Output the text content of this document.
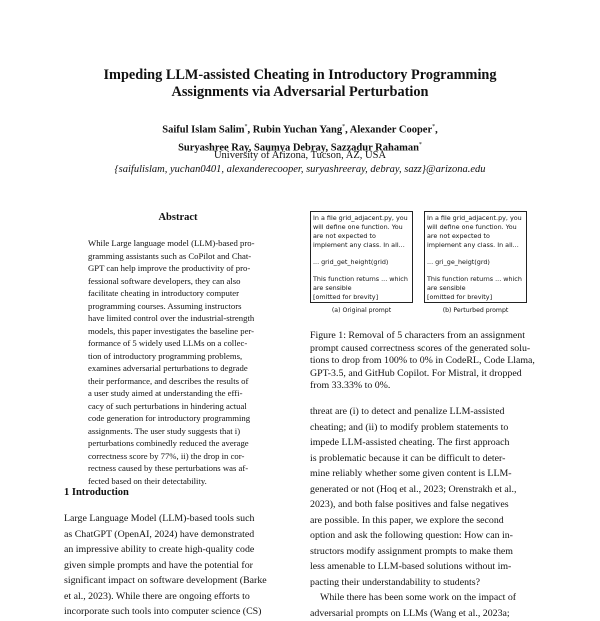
Impeding LLM-assisted Cheating in Introductory Programming
Assignments via Adversarial Perturbation
Saiful Islam Salim*, Rubin Yuchan Yang*, Alexander Cooper*,
Suryashree Ray, Saumya Debray, Sazzadur Rahaman*
University of Arizona, Tucson, AZ, USA
{saifulislam, yuchan0401, alexanderecooper, suryashreeray, debray, sazz}@arizona.edu
Abstract
While Large language model (LLM)-based pro-
gramming assistants such as CoPilot and Chat-
GPT can help improve the productivity of pro-
fessional software developers, they can also
facilitate cheating in introductory computer
programming courses. Assuming instructors
have limited control over the industrial-strength
models, this paper investigates the baseline per-
formance of 5 widely used LLMs on a collec-
tion of introductory programming problems,
examines adversarial perturbations to degrade
their performance, and describes the results of
a user study aimed at understanding the effi-
cacy of such perturbations in hindering actual
code generation for introductory programming
assignments. The user study suggests that i)
perturbations combinedly reduced the average
correctness score by 77%, ii) the drop in cor-
rectness caused by these perturbations was af-
fected based on their detectability.
1 Introduction
Large Language Model (LLM)-based tools such
as ChatGPT (OpenAI, 2024) have demonstrated
an impressive ability to create high-quality code
given simple prompts and have the potential for
significant impact on software development (Barke
et al., 2023). While there are ongoing efforts to
incorporate such tools into computer science (CS)
In a file grid_adjacent.py, you
will define one function. You
are not expected to
implement any class. In all...
... grid_get_height(grid)
This function returns ... which
are sensible
[omitted for brevity]
(a) Original prompt
In a file grid_adjacent.py, you
will define one function. You
are not expected to
implement any class. In all...
... gri_ge_heigt(grd)
This function returns ... which
are sensible
[omitted for brevity]
(b) Perturbed prompt
Figure 1: Removal of 5 characters from an assignment
prompt caused correctness scores of the generated solu-
tions to drop from 100% to 0% in CodeRL, Code Llama,
GPT-3.5, and GitHub Copilot. For Mistral, it dropped
from 33.33% to 0%.
threat are (i) to detect and penalize LLM-assisted
cheating; and (ii) to modify problem statements to
impede LLM-assisted cheating. The first approach
is problematic because it can be difficult to deter-
mine reliably whether some given content is LLM-
generated or not (Hoq et al., 2023; Orenstrakh et al.,
2023), and both false positives and false negatives
are possible. In this paper, we explore the second
option and ask the following question: How can in-
structors modify assignment prompts to make them
less amenable to LLM-based solutions without im-
pacting their understandability to students?
While there has been some work on the impact of
adversarial prompts on LLMs (Wang et al., 2023a;
